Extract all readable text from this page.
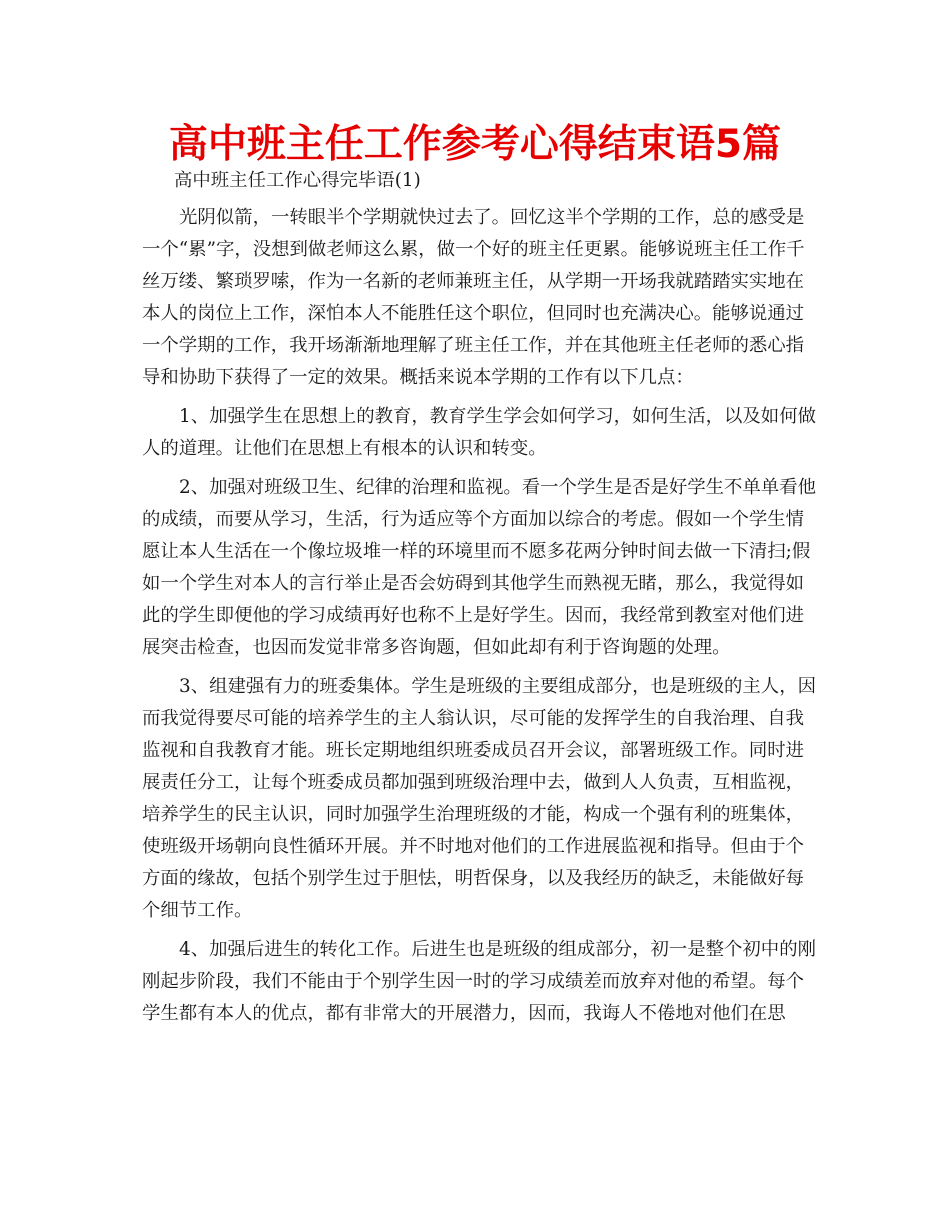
高中班主任工作参考心得结束语5篇

高中班主任工作心得完毕语(1)

光阴似箭，一转眼半个学期就快过去了。回忆这半个学期的工作，总的感受是一个“累”字，没想到做老师这么累，做一个好的班主任更累。能够说班主任工作千丝万缕、繁琐罗嗦，作为一名新的老师兼班主任，从学期一开场我就踏踏实实地在本人的岗位上工作，深怕本人不能胜任这个职位，但同时也充满决心。能够说通过一个学期的工作，我开场渐渐地理解了班主任工作，并在其他班主任老师的悉心指导和协助下获得了一定的效果。概括来说本学期的工作有以下几点：

1、加强学生在思想上的教育，教育学生学会如何学习，如何生活，以及如何做人的道理。让他们在思想上有根本的认识和转变。

2、加强对班级卫生、纪律的治理和监视。看一个学生是否是好学生不单单看他的成绩，而要从学习，生活，行为适应等个方面加以综合的考虑。假如一个学生情愿让本人生活在一个像垃圾堆一样的环境里而不愿多花两分钟时间去做一下清扫;假如一个学生对本人的言行举止是否会妨碍到其他学生而熟视无睹，那么，我觉得如此的学生即便他的学习成绩再好也称不上是好学生。因而，我经常到教室对他们进展突击检查，也因而发觉非常多咨询题，但如此却有利于咨询题的处理。

3、组建强有力的班委集体。学生是班级的主要组成部分，也是班级的主人，因而我觉得要尽可能的培养学生的主人翁认识，尽可能的发挥学生的自我治理、自我监视和自我教育才能。班长定期地组织班委成员召开会议，部署班级工作。同时进展责任分工，让每个班委成员都加强到班级治理中去，做到人人负责，互相监视，培养学生的民主认识，同时加强学生治理班级的才能，构成一个强有利的班集体，使班级开场朝向良性循环开展。并不时地对他们的工作进展监视和指导。但由于个方面的缘故，包括个别学生过于胆怯，明哲保身，以及我经历的缺乏，未能做好每个细节工作。

4、加强后进生的转化工作。后进生也是班级的组成部分，初一是整个初中的刚刚起步阶段，我们不能由于个别学生因一时的学习成绩差而放弃对他的希望。每个学生都有本人的优点，都有非常大的开展潜力，因而，我诲人不倦地对他们在思
